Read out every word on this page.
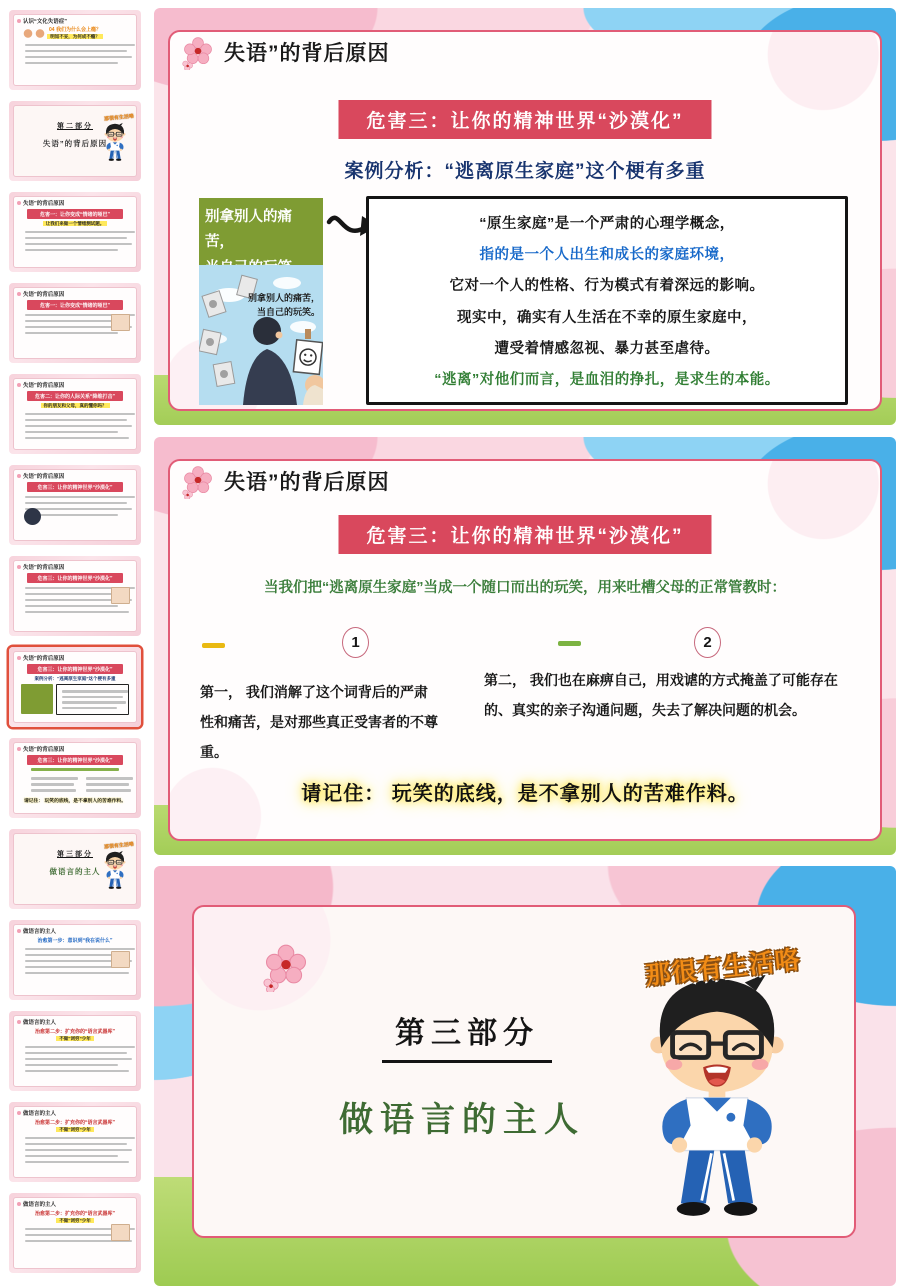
认识“文化失语症”
04 我们为什么会上瘾？
明知不妥，为何成不瘾？
第二部分
失语”的背后原因
那很有生活咯
失语”的背后原因
危害一：让你变成“情绪的哑巴”
让我们来做一个情绪测试题。
失语”的背后原因
危害一：让你变成“情绪的哑巴”
失语”的背后原因
危害二：让你的人际关系“降维打击”
你的朋友和父母，真的懂你吗？
失语”的背后原因
危害三：让你的精神世界“沙漠化”
失语”的背后原因
危害三：让你的精神世界“沙漠化”
失语”的背后原因
危害三：让你的精神世界“沙漠化”
案例分析：“逃离原生家庭”这个梗有多重
失语”的背后原因
危害三：让你的精神世界“沙漠化”
请记住： 玩笑的底线，是不拿别人的苦难作料。
第三部分
做语言的主人
那很有生活咯
做语言的主人
治愈第一步：意识到“我在说什么”
做语言的主人
治愈第二步：扩充你的“语言武器库”
不做“词穷”少年
做语言的主人
治愈第二步：扩充你的“语言武器库”
不做“词穷”少年
做语言的主人
治愈第二步：扩充你的“语言武器库”
不做“词穷”少年
失语”的背后原因
危害三：让你的精神世界“沙漠化”
案例分析：“逃离原生家庭”这个梗有多重
别拿别人的痛苦，
别拿别人的痛苦，
当自己的玩笑。
“原生家庭”是一个严肃的心理学概念，
指的是一个人出生和成长的家庭环境，
它对一个人的性格、行为模式有着深远的影响。
现实中，确实有人生活在不幸的原生家庭中，
遭受着情感忽视、暴力甚至虐待。
“逃离”对他们而言，是血泪的挣扎，是求生的本能。
失语”的背后原因
危害三：让你的精神世界“沙漠化”
当我们把“逃离原生家庭”当成一个随口而出的玩笑，用来吐槽父母的正常管教时：
1	2
第一， 我们消解了这个词背后的严肃性和痛苦，是对那些真正受害者的不尊重。
第二， 我们也在麻痹自己，用戏谑的方式掩盖了可能存在的、真实的亲子沟通问题，失去了解决问题的机会。
请记住： 玩笑的底线，是不拿别人的苦难作料。
第三部分
做语言的主人
那很有生活咯
